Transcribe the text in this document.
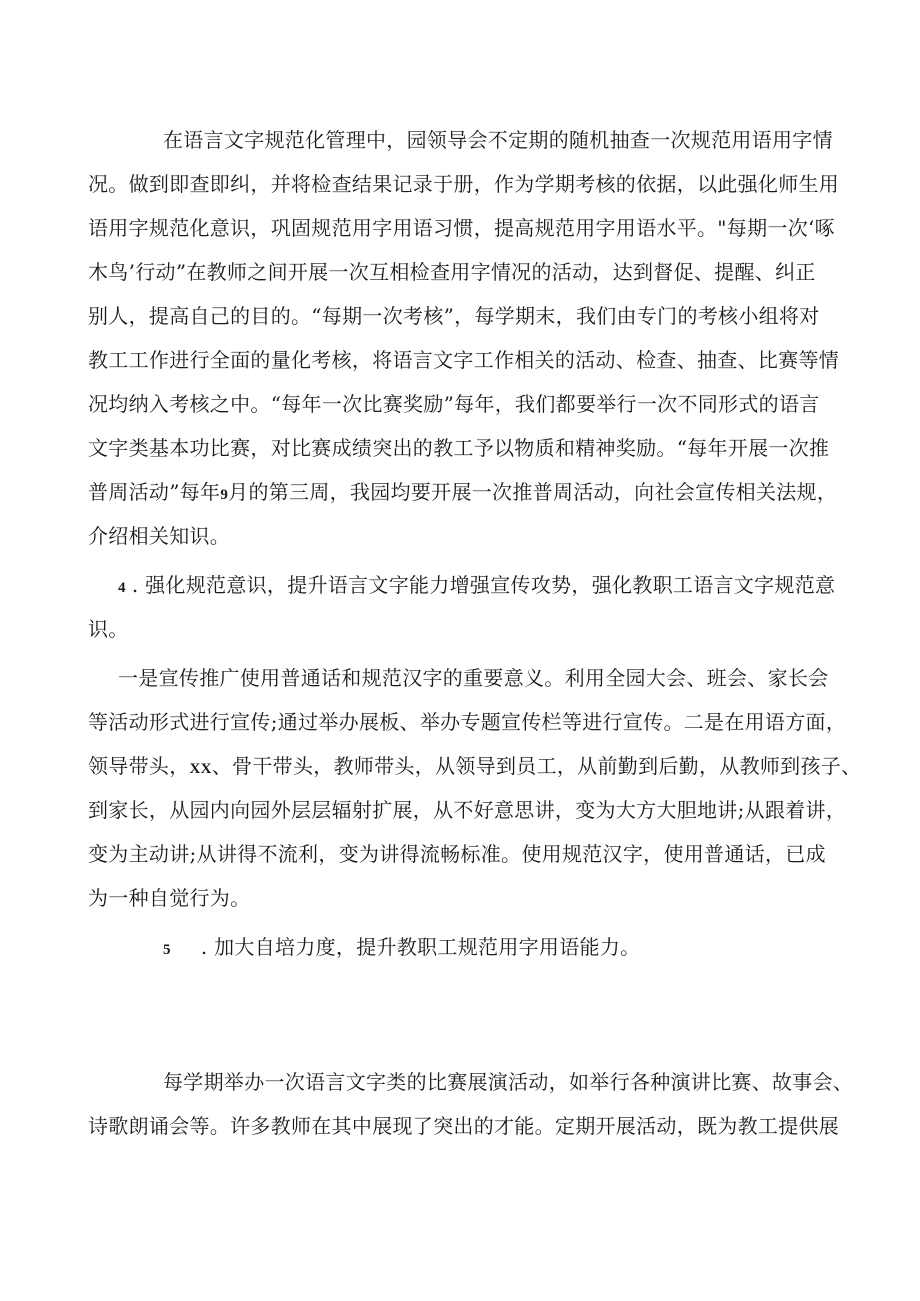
在语言文字规范化管理中，园领导会不定期的随机抽查一次规范用语用字情
况。做到即查即纠，并将检查结果记录于册，作为学期考核的依据，以此强化师生用
语用字规范化意识，巩固规范用字用语习惯，提高规范用字用语水平。"每期一次‘啄
木鸟’行动”在教师之间开展一次互相检查用字情况的活动，达到督促、提醒、纠正
别人，提高自己的目的。“每期一次考核”，每学期末，我们由专门的考核小组将对
教工工作进行全面的量化考核，将语言文字工作相关的活动、检查、抽查、比赛等情
况均纳入考核之中。“每年一次比赛奖励”每年，我们都要举行一次不同形式的语言
文字类基本功比赛，对比赛成绩突出的教工予以物质和精神奖励。“每年开展一次推
普周活动”每年9月的第三周，我园均要开展一次推普周活动，向社会宣传相关法规，
介绍相关知识。
4 . 强化规范意识，提升语言文字能力增强宣传攻势，强化教职工语言文字规范意
识。
一是宣传推广使用普通话和规范汉字的重要意义。利用全园大会、班会、家长会
等活动形式进行宣传;通过举办展板、举办专题宣传栏等进行宣传。二是在用语方面，
领导带头，XX、骨干带头，教师带头，从领导到员工，从前勤到后勤，从教师到孩子、
到家长，从园内向园外层层辐射扩展，从不好意思讲，变为大方大胆地讲;从跟着讲，
变为主动讲;从讲得不流利，变为讲得流畅标准。使用规范汉字，使用普通话，已成
为一种自觉行为。
5 . 加大自培力度，提升教职工规范用字用语能力。
每学期举办一次语言文字类的比赛展演活动，如举行各种演讲比赛、故事会、
诗歌朗诵会等。许多教师在其中展现了突出的才能。定期开展活动，既为教工提供展
